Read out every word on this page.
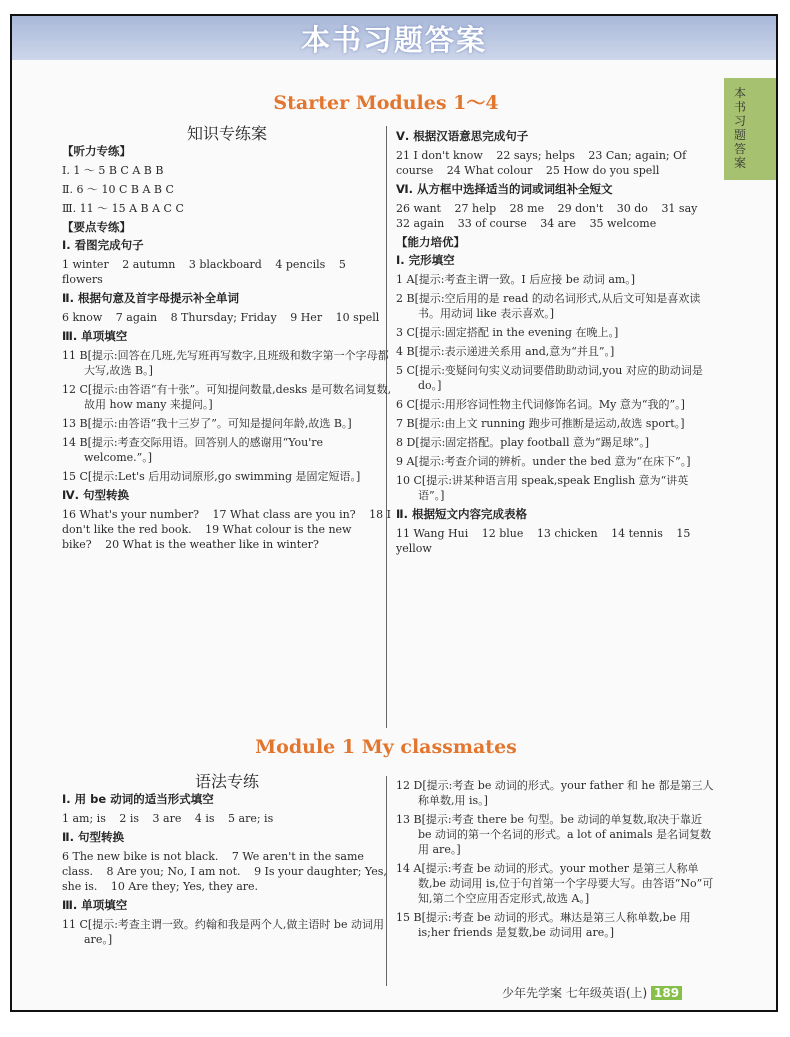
本书习题答案
本书习题答案
Starter Modules 1～4
知识专练案
【听力专练】
Ⅰ. 1 ～ 5 B C A B B
Ⅱ. 6 ～ 10 C B A B C
Ⅲ. 11 ～ 15 A B A C C
【要点专练】
Ⅰ. 看图完成句子
1 winter 2 autumn 3 blackboard 4 pencils 5 flowers
Ⅱ. 根据句意及首字母提示补全单词
6 know 7 again 8 Thursday; Friday 9 Her 10 spell
Ⅲ. 单项填空
11 B[提示:回答在几班,先写班再写数字,且班级和数字第一个字母都大写,故选 B。]
12 C[提示:由答语“有十张”。可知提问数量,desks 是可数名词复数,故用 how many 来提问。]
13 B[提示:由答语“我十三岁了”。可知是提问年龄,故选 B。]
14 B[提示:考查交际用语。回答别人的感谢用“You're welcome.”。]
15 C[提示:Let's 后用动词原形,go swimming 是固定短语。]
Ⅳ. 句型转换
16 What's your number? 17 What class are you in? 18 I don't like the red book. 19 What colour is the new bike? 20 What is the weather like in winter?
Ⅴ. 根据汉语意思完成句子
21 I don't know 22 says; helps 23 Can; again; Of course 24 What colour 25 How do you spell
Ⅵ. 从方框中选择适当的词或词组补全短文
26 want 27 help 28 me 29 don't 30 do 31 say 32 again 33 of course 34 are 35 welcome
【能力培优】
Ⅰ. 完形填空
1 A[提示:考查主谓一致。I 后应接 be 动词 am。]
2 B[提示:空后用的是 read 的动名词形式,从后文可知是喜欢读书。用动词 like 表示喜欢。]
3 C[提示:固定搭配 in the evening 在晚上。]
4 B[提示:表示递进关系用 and,意为“并且”。]
5 C[提示:变疑问句实义动词要借助助动词,you 对应的助动词是 do。]
6 C[提示:用形容词性物主代词修饰名词。My 意为“我的”。]
7 B[提示:由上文 running 跑步可推断是运动,故选 sport。]
8 D[提示:固定搭配。play football 意为“踢足球”。]
9 A[提示:考查介词的辨析。under the bed 意为“在床下”。]
10 C[提示:讲某种语言用 speak,speak English 意为“讲英语”。]
Ⅱ. 根据短文内容完成表格
11 Wang Hui 12 blue 13 chicken 14 tennis 15 yellow
Module 1 My classmates
语法专练
Ⅰ. 用 be 动词的适当形式填空
1 am; is 2 is 3 are 4 is 5 are; is
Ⅱ. 句型转换
6 The new bike is not black. 7 We aren't in the same class. 8 Are you; No, I am not. 9 Is your daughter; Yes, she is. 10 Are they; Yes, they are.
Ⅲ. 单项填空
11 C[提示:考查主谓一致。约翰和我是两个人,做主语时 be 动词用 are。]
12 D[提示:考查 be 动词的形式。your father 和 he 都是第三人称单数,用 is。]
13 B[提示:考查 there be 句型。be 动词的单复数,取决于靠近 be 动词的第一个名词的形式。a lot of animals 是名词复数用 are。]
14 A[提示:考查 be 动词的形式。your mother 是第三人称单数,be 动词用 is,位于句首第一个字母要大写。由答语“No”可知,第二个空应用否定形式,故选 A。]
15 B[提示:考查 be 动词的形式。琳达是第三人称单数,be 用 is;her friends 是复数,be 动词用 are。]
少年先学案 七年级英语(上) 189
